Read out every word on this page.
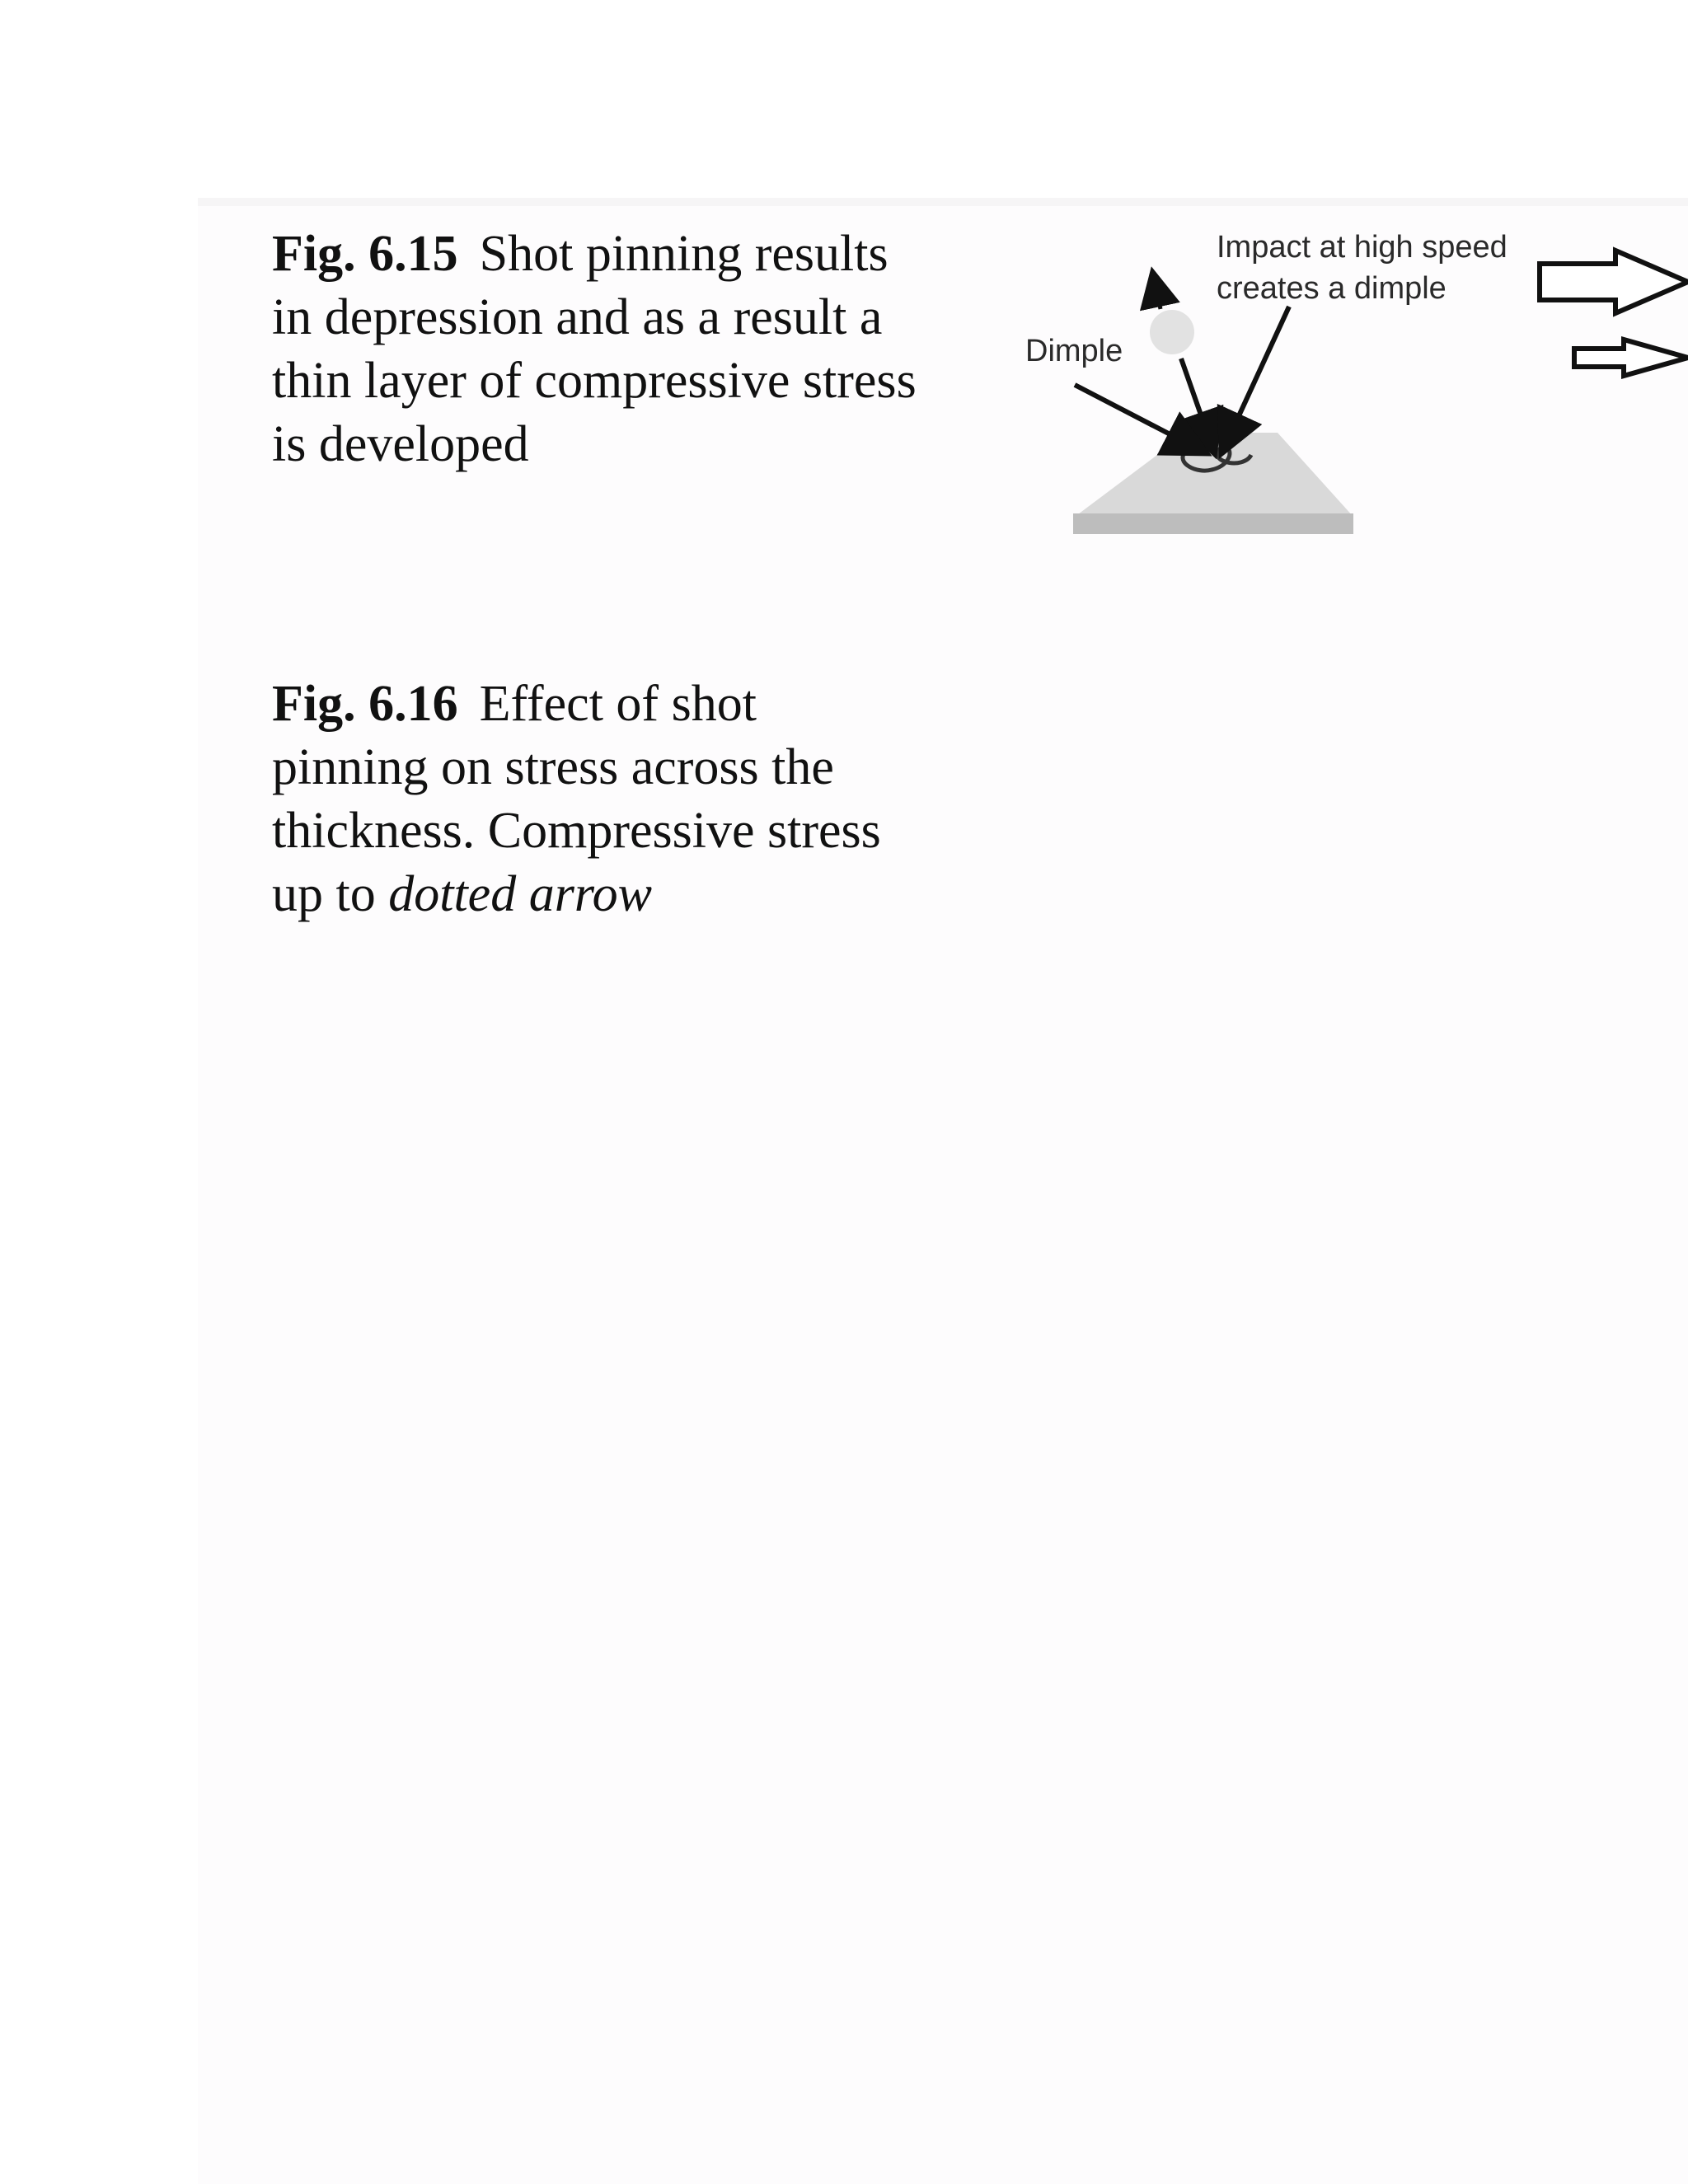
Fig. 6.15 Shot pinning results in depression and as a result a thin layer of compressive stress is developed

Fig. 6.16 Effect of shot pinning on stress across the thickness. Compressive stress up to dotted arrow

Impact at high speed
creates a dimple
Dimple
